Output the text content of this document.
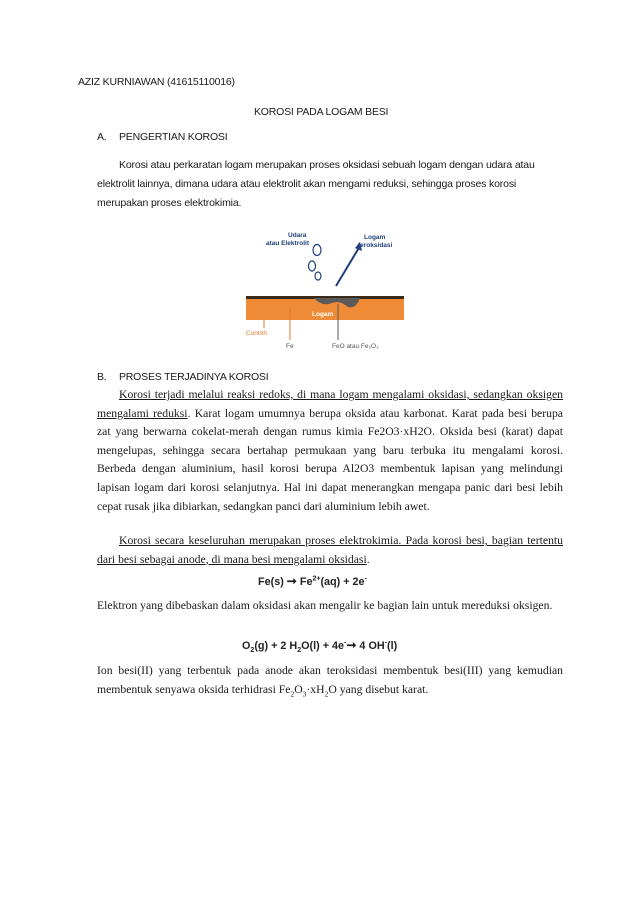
AZIZ KURNIAWAN (41615110016)
KOROSI PADA LOGAM BESI
A. PENGERTIAN KOROSI
Korosi atau perkaratan logam merupakan proses oksidasi sebuah logam dengan udara atau elektrolit lainnya, dimana udara atau elektrolit akan mengami reduksi, sehingga proses korosi merupakan proses elektrokimia.
Udara
atau Elektrolit
Logam
teroksidasi
Logam
Contoh
Fe	FeO atau Fe₂O₃
B. PROSES TERJADINYA KOROSI
Korosi terjadi melalui reaksi redoks, di mana logam mengalami oksidasi, sedangkan oksigen mengalami reduksi. Karat logam umumnya berupa oksida atau karbonat. Karat pada besi berupa zat yang berwarna cokelat-merah dengan rumus kimia Fe2O3·xH2O. Oksida besi (karat) dapat mengelupas, sehingga secara bertahap permukaan yang baru terbuka itu mengalami korosi. Berbeda dengan aluminium, hasil korosi berupa Al2O3 membentuk lapisan yang melindungi lapisan logam dari korosi selanjutnya. Hal ini dapat menerangkan mengapa panic dari besi lebih cepat rusak jika dibiarkan, sedangkan panci dari aluminium lebih awet.
Korosi secara keseluruhan merupakan proses elektrokimia. Pada korosi besi, bagian tertentu dari besi sebagai anode, di mana besi mengalami oksidasi.
Fe(s) ➞ $Fe^{2+}(aq) + 2e^-$
Elektron yang dibebaskan dalam oksidasi akan mengalir ke bagian lain untuk mereduksi oksigen.
$O_2(g) + 2$ $H_2O(l)$ + 4e-➞ 4 OH-(l)
Ion besi(II) yang terbentuk pada anode akan teroksidasi membentuk besi(III) yang kemudian membentuk senyawa oksida terhidrasi $Fe_2O_3\cdot xH_2O$ yang disebut karat.
